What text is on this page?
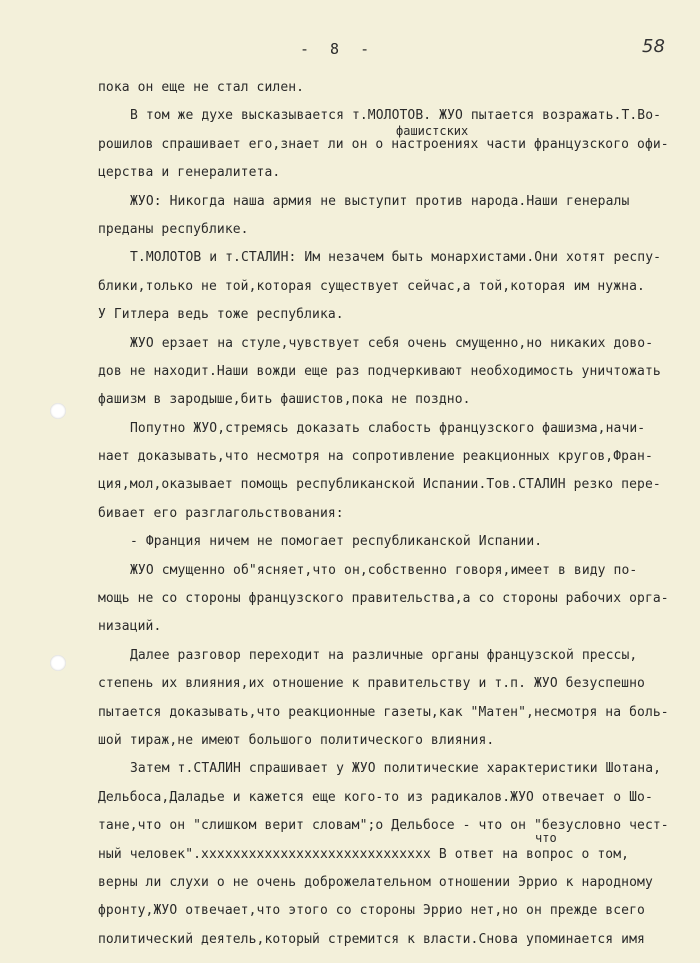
- 8 -	58
фашистских
что
пока он еще не стал силен.
В том же духе высказывается т.МОЛОТОВ. ЖУО пытается возражать.Т.Во-
рошилов спрашивает его,знает ли он о настроениях части французского офи-
церства и генералитета.
ЖУО: Никогда наша армия не выступит против народа.Наши генералы
преданы республике.
Т.МОЛОТОВ и т.СТАЛИН: Им незачем быть монархистами.Они хотят респу-
блики,только не той,которая существует сейчас,а той,которая им нужна.
У Гитлера ведь тоже республика.
ЖУО ерзает на стуле,чувствует себя очень смущенно,но никаких дово-
дов не находит.Наши вожди еще раз подчеркивают необходимость уничтожать
фашизм в зародыше,бить фашистов,пока не поздно.
Попутно ЖУО,стремясь доказать слабость французского фашизма,начи-
нает доказывать,что несмотря на сопротивление реакционных кругов,Фран-
ция,мол,оказывает помощь республиканской Испании.Тов.СТАЛИН резко пере-
бивает его разглагольствования:
- Франция ничем не помогает республиканской Испании.
ЖУО смущенно об"ясняет,что он,собственно говоря,имеет в виду по-
мощь не со стороны французского правительства,а со стороны рабочих орга-
низаций.
Далее разговор переходит на различные органы французской прессы,
степень их влияния,их отношение к правительству и т.п. ЖУО безуспешно
пытается доказывать,что реакционные газеты,как "Матен",несмотря на боль-
шой тираж,не имеют большого политического влияния.
Затем т.СТАЛИН спрашивает у ЖУО политические характеристики Шотана,
Дельбоса,Даладье и кажется еще кого-то из радикалов.ЖУО отвечает о Шо-
тане,что он "слишком верит словам";о Дельбосе - что он "безусловно чест-
ный человек".xxxxxxxxxxxxxxxxxxxxxxxxxxxxx В ответ на вопрос о том,
верны ли слухи о не очень доброжелательном отношении Эррио к народному
фронту,ЖУО отвечает,что этого со стороны Эррио нет,но он прежде всего
политический деятель,который стремится к власти.Снова упоминается имя
